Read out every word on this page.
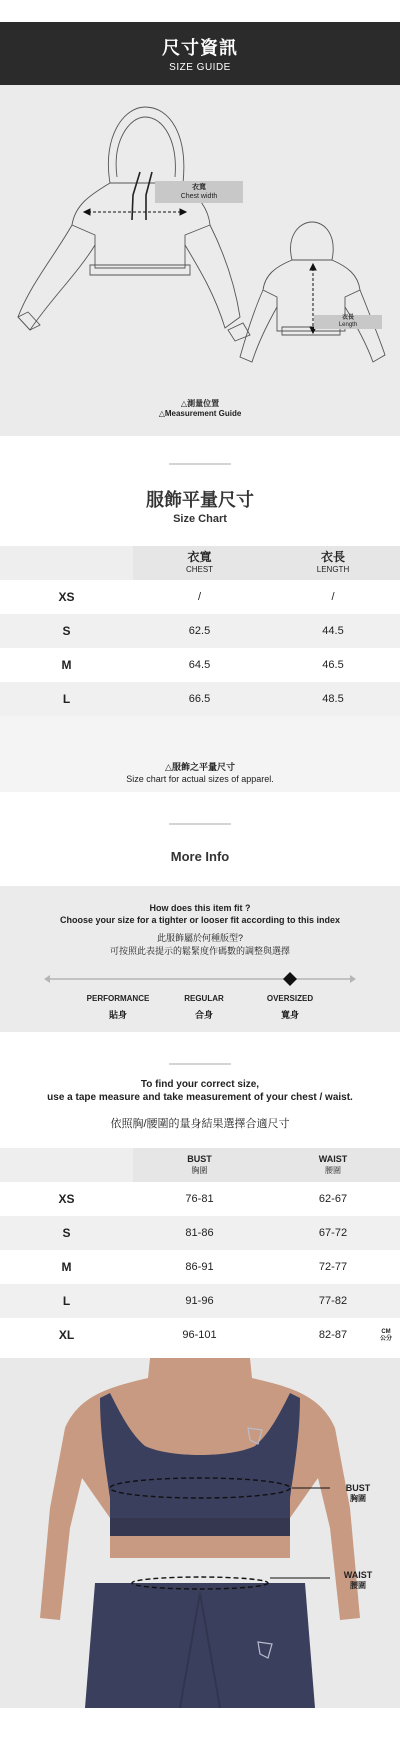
尺寸資訊
SIZE GUIDE
衣寬
Chest width
衣長
Length
△測量位置
△Measurement Guide
服飾平量尺寸
Size Chart
衣寬
CHEST
衣長
LENGTH
XS	/	/
S	62.5	44.5
M	64.5	46.5
L	66.5	48.5
△服飾之平量尺寸
Size chart for actual sizes of apparel.
More Info
How does this item fit ?
Choose your size for a tighter or looser fit according to this index
此服飾屬於何種版型?
可按照此表提示的鬆緊度作碼數的調整與選擇
PERFORMANCE
貼身
REGULAR
合身
OVERSIZED
寬身
To find your correct size,
use a tape measure and take measurement of your chest / waist.
依照胸/腰圍的量身結果選擇合適尺寸
BUST
胸圍
WAIST
腰圍
XS	76-81	62-67
S	81-86	67-72
M	86-91	72-77
L	91-96	77-82
XL	96-101	82-87	CM
公分
BUST
胸圍
WAIST
腰圍
